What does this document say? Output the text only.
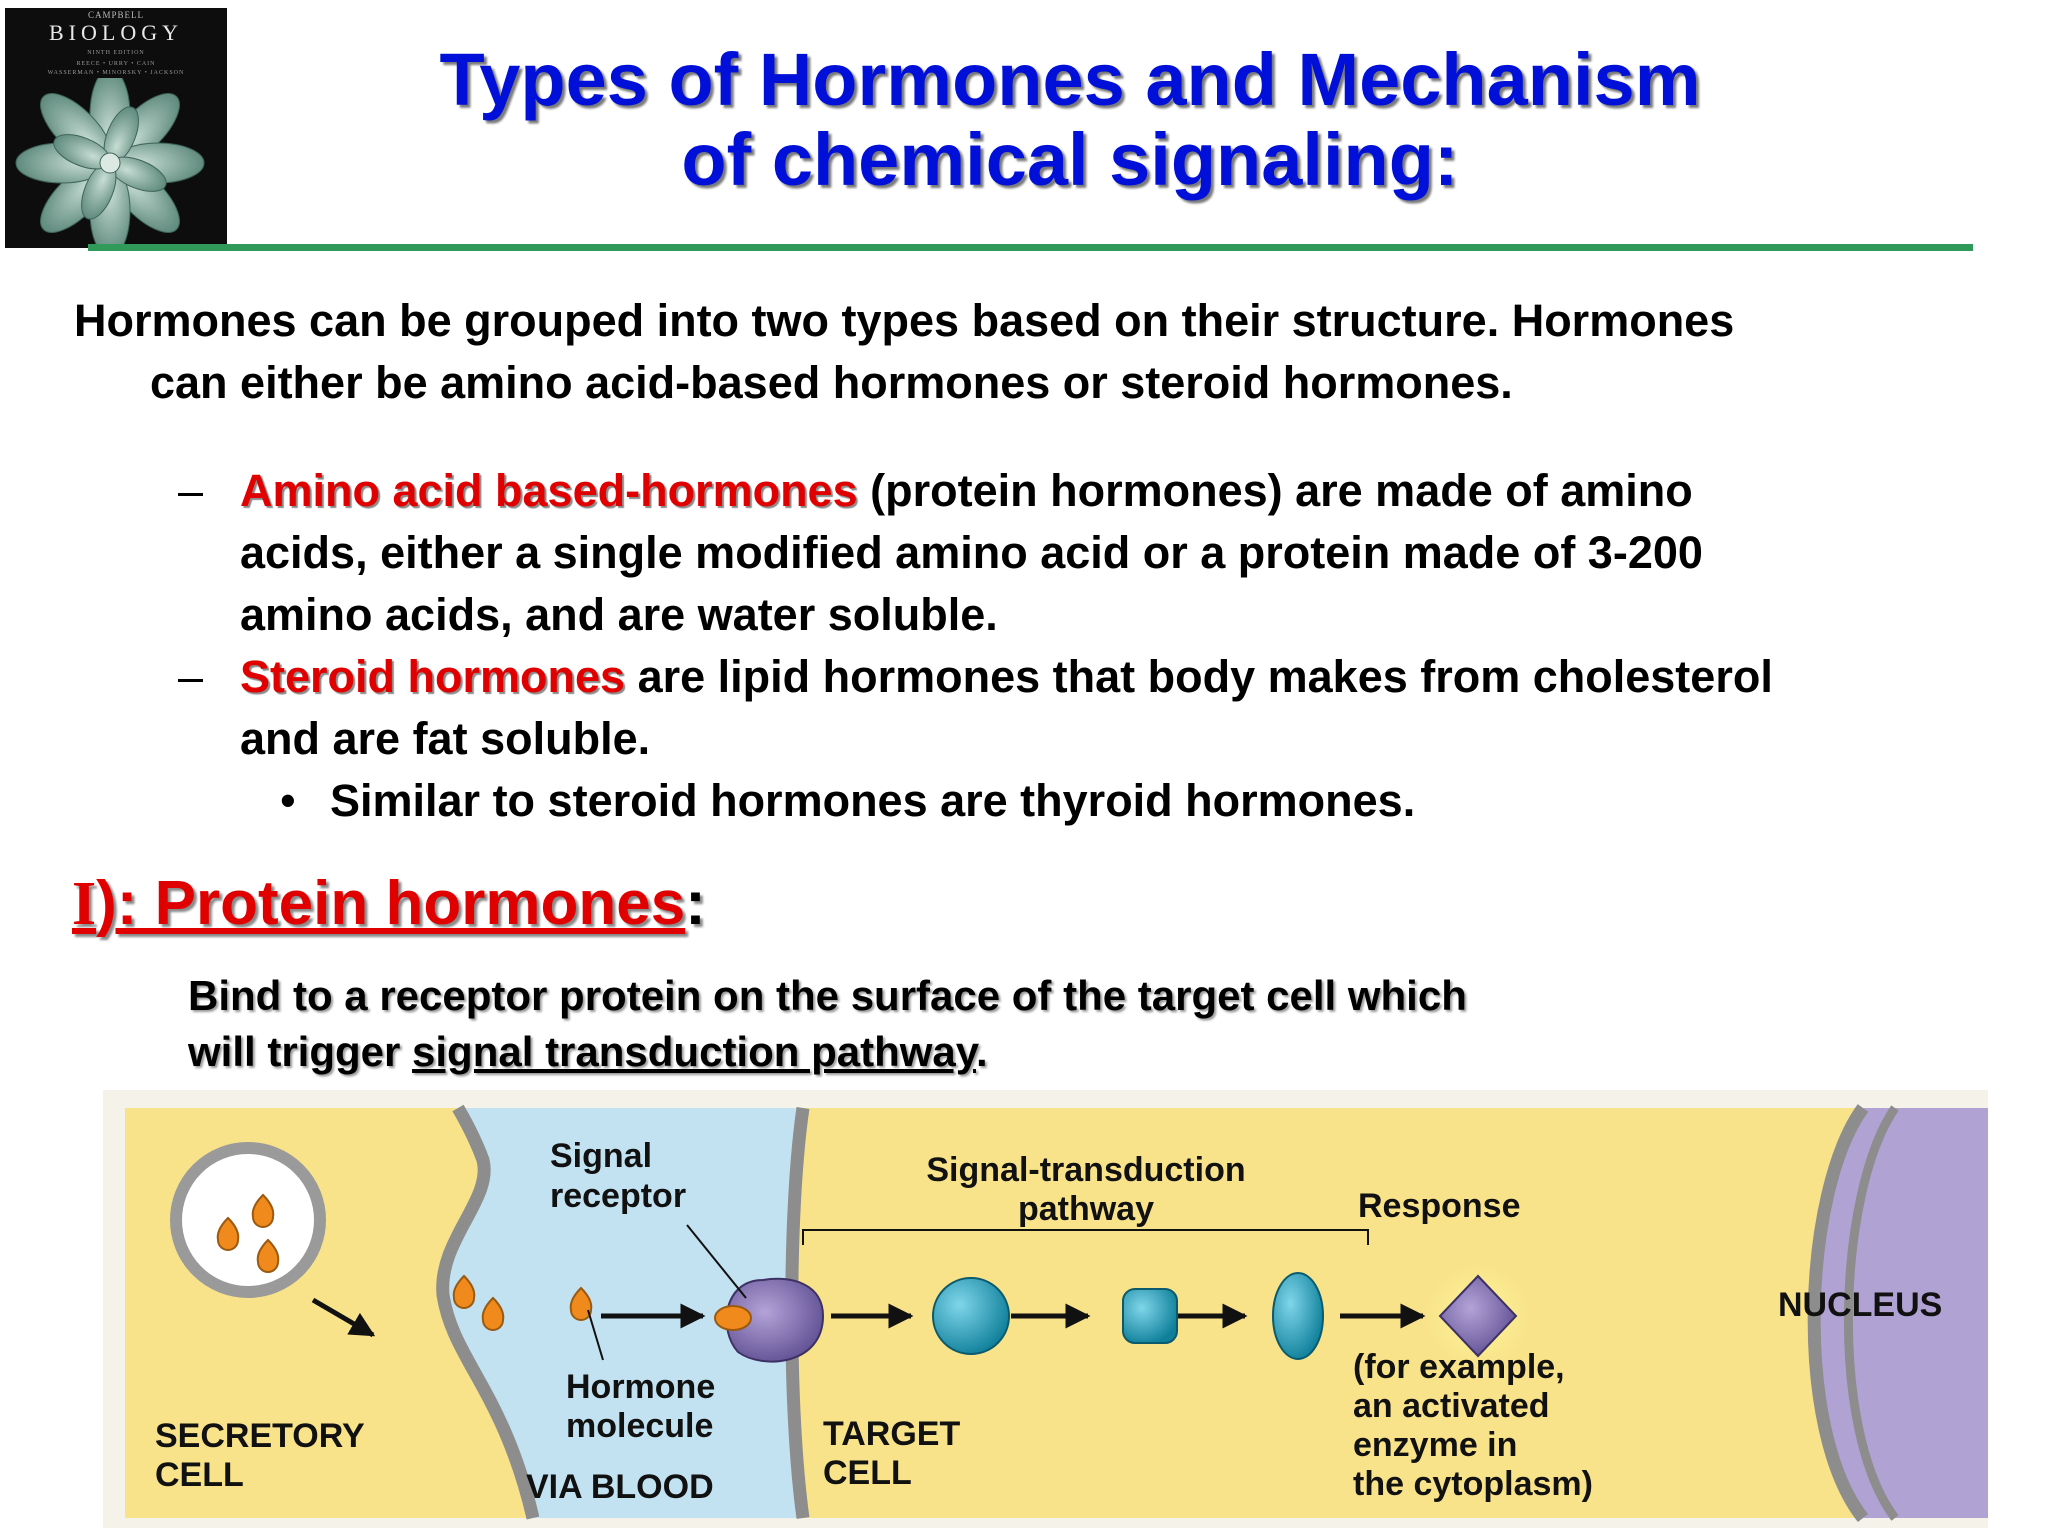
CAMPBELL
BIOLOGY
NINTH EDITION
REECE • URRY • CAIN
WASSERMAN • MINORSKY • JACKSON	Types of Hormones and Mechanism
of chemical signaling:
Hormones can be grouped into two types based on their structure. Hormones
can either be amino acid-based hormones or steroid hormones.
– Amino acid based-hormones (protein hormones) are made of amino
acids, either a single modified amino acid or a protein made of 3-200
amino acids, and are water soluble.
– Steroid hormones are lipid hormones that body makes from cholesterol
and are fat soluble.
• Similar to steroid hormones are thyroid hormones.
I): Protein hormones:
Bind to a receptor protein on the surface of the target cell which
will trigger signal transduction pathway.
Signal
receptor
Signal-transduction
pathway	Response
NUCLEUS
Hormone
molecule
SECRETORY
CELL	VIA BLOOD
TARGET
CELL
(for example,
an activated
enzyme in
the cytoplasm)
